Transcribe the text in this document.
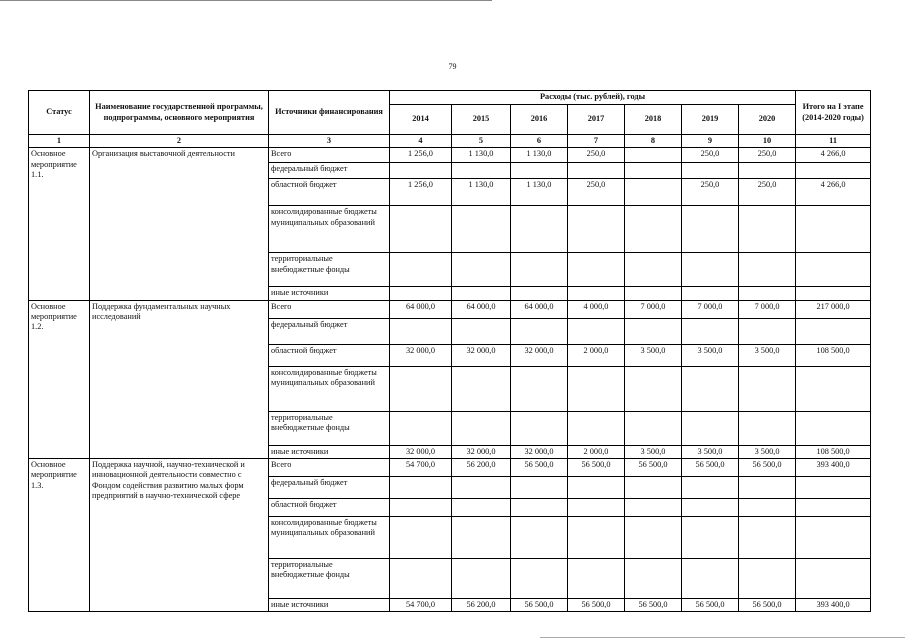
79
Статус	Наименование государственной программы, подпрограммы, основного мероприятия	Источники финансирования	Расходы (тыс. рублей), годы							Итого на I этапе (2014-2020 годы)
			2014	2015	2016	2017	2018	2019	2020	
1	2	3	4	5	6	7	8	9	10	11
Основное мероприятие 1.1.	Организация выставочной деятельности	Всего	1 256,0	1 130,0	1 130,0	250,0		250,0	250,0	4 266,0
		федеральный бюджет								
		областной бюджет	1 256,0	1 130,0	1 130,0	250,0		250,0	250,0	4 266,0
		консолидированные бюджеты муниципальных образований								
		территориальные внебюджетные фонды								
		иные источники								
Основное мероприятие 1.2.	Поддержка фундаментальных научных исследований	Всего	64 000,0	64 000,0	64 000,0	4 000,0	7 000,0	7 000,0	7 000,0	217 000,0
		федеральный бюджет								
		областной бюджет	32 000,0	32 000,0	32 000,0	2 000,0	3 500,0	3 500,0	3 500,0	108 500,0
		консолидированные бюджеты муниципальных образований								
		территориальные внебюджетные фонды								
		иные источники	32 000,0	32 000,0	32 000,0	2 000,0	3 500,0	3 500,0	3 500,0	108 500,0
Основное мероприятие 1.3.	Поддержка научной, научно-технической и инновационной деятельности совместно с Фондом содействия развитию малых форм предприятий в научно-технической сфере	Всего	54 700,0	56 200,0	56 500,0	56 500,0	56 500,0	56 500,0	56 500,0	393 400,0
		федеральный бюджет								
		областной бюджет								
		консолидированные бюджеты муниципальных образований								
		территориальные внебюджетные фонды								
		иные источники	54 700,0	56 200,0	56 500,0	56 500,0	56 500,0	56 500,0	56 500,0	393 400,0
